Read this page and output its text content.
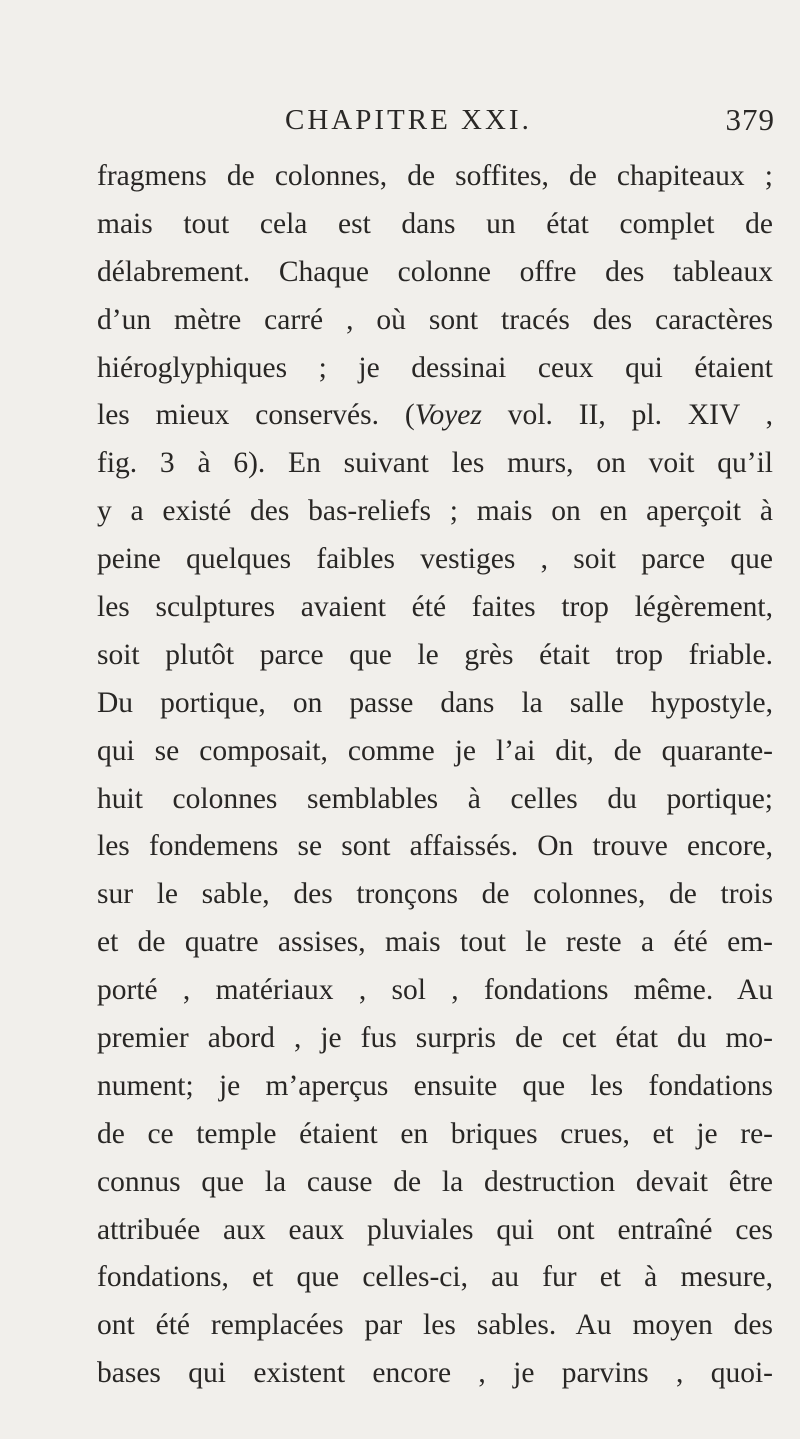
CHAPITRE XXI.	379
fragmens de colonnes, de soffites, de chapiteaux ;
mais tout cela est dans un état complet de
délabrement. Chaque colonne offre des tableaux
d’un mètre carré , où sont tracés des caractères
hiéroglyphiques ; je dessinai ceux qui étaient
les mieux conservés. (Voyez vol. II, pl. XIV ,
fig. 3 à 6). En suivant les murs, on voit qu’il
y a existé des bas-reliefs ; mais on en aperçoit à
peine quelques faibles vestiges , soit parce que
les sculptures avaient été faites trop légèrement,
soit plutôt parce que le grès était trop friable.
Du portique, on passe dans la salle hypostyle,
qui se composait, comme je l’ai dit, de quarante-
huit colonnes semblables à celles du portique;
les fondemens se sont affaissés. On trouve encore,
sur le sable, des tronçons de colonnes, de trois
et de quatre assises, mais tout le reste a été em-
porté , matériaux , sol , fondations même. Au
premier abord , je fus surpris de cet état du mo-
nument; je m’aperçus ensuite que les fondations
de ce temple étaient en briques crues, et je re-
connus que la cause de la destruction devait être
attribuée aux eaux pluviales qui ont entraîné ces
fondations, et que celles-ci, au fur et à mesure,
ont été remplacées par les sables. Au moyen des
bases qui existent encore , je parvins , quoi-
